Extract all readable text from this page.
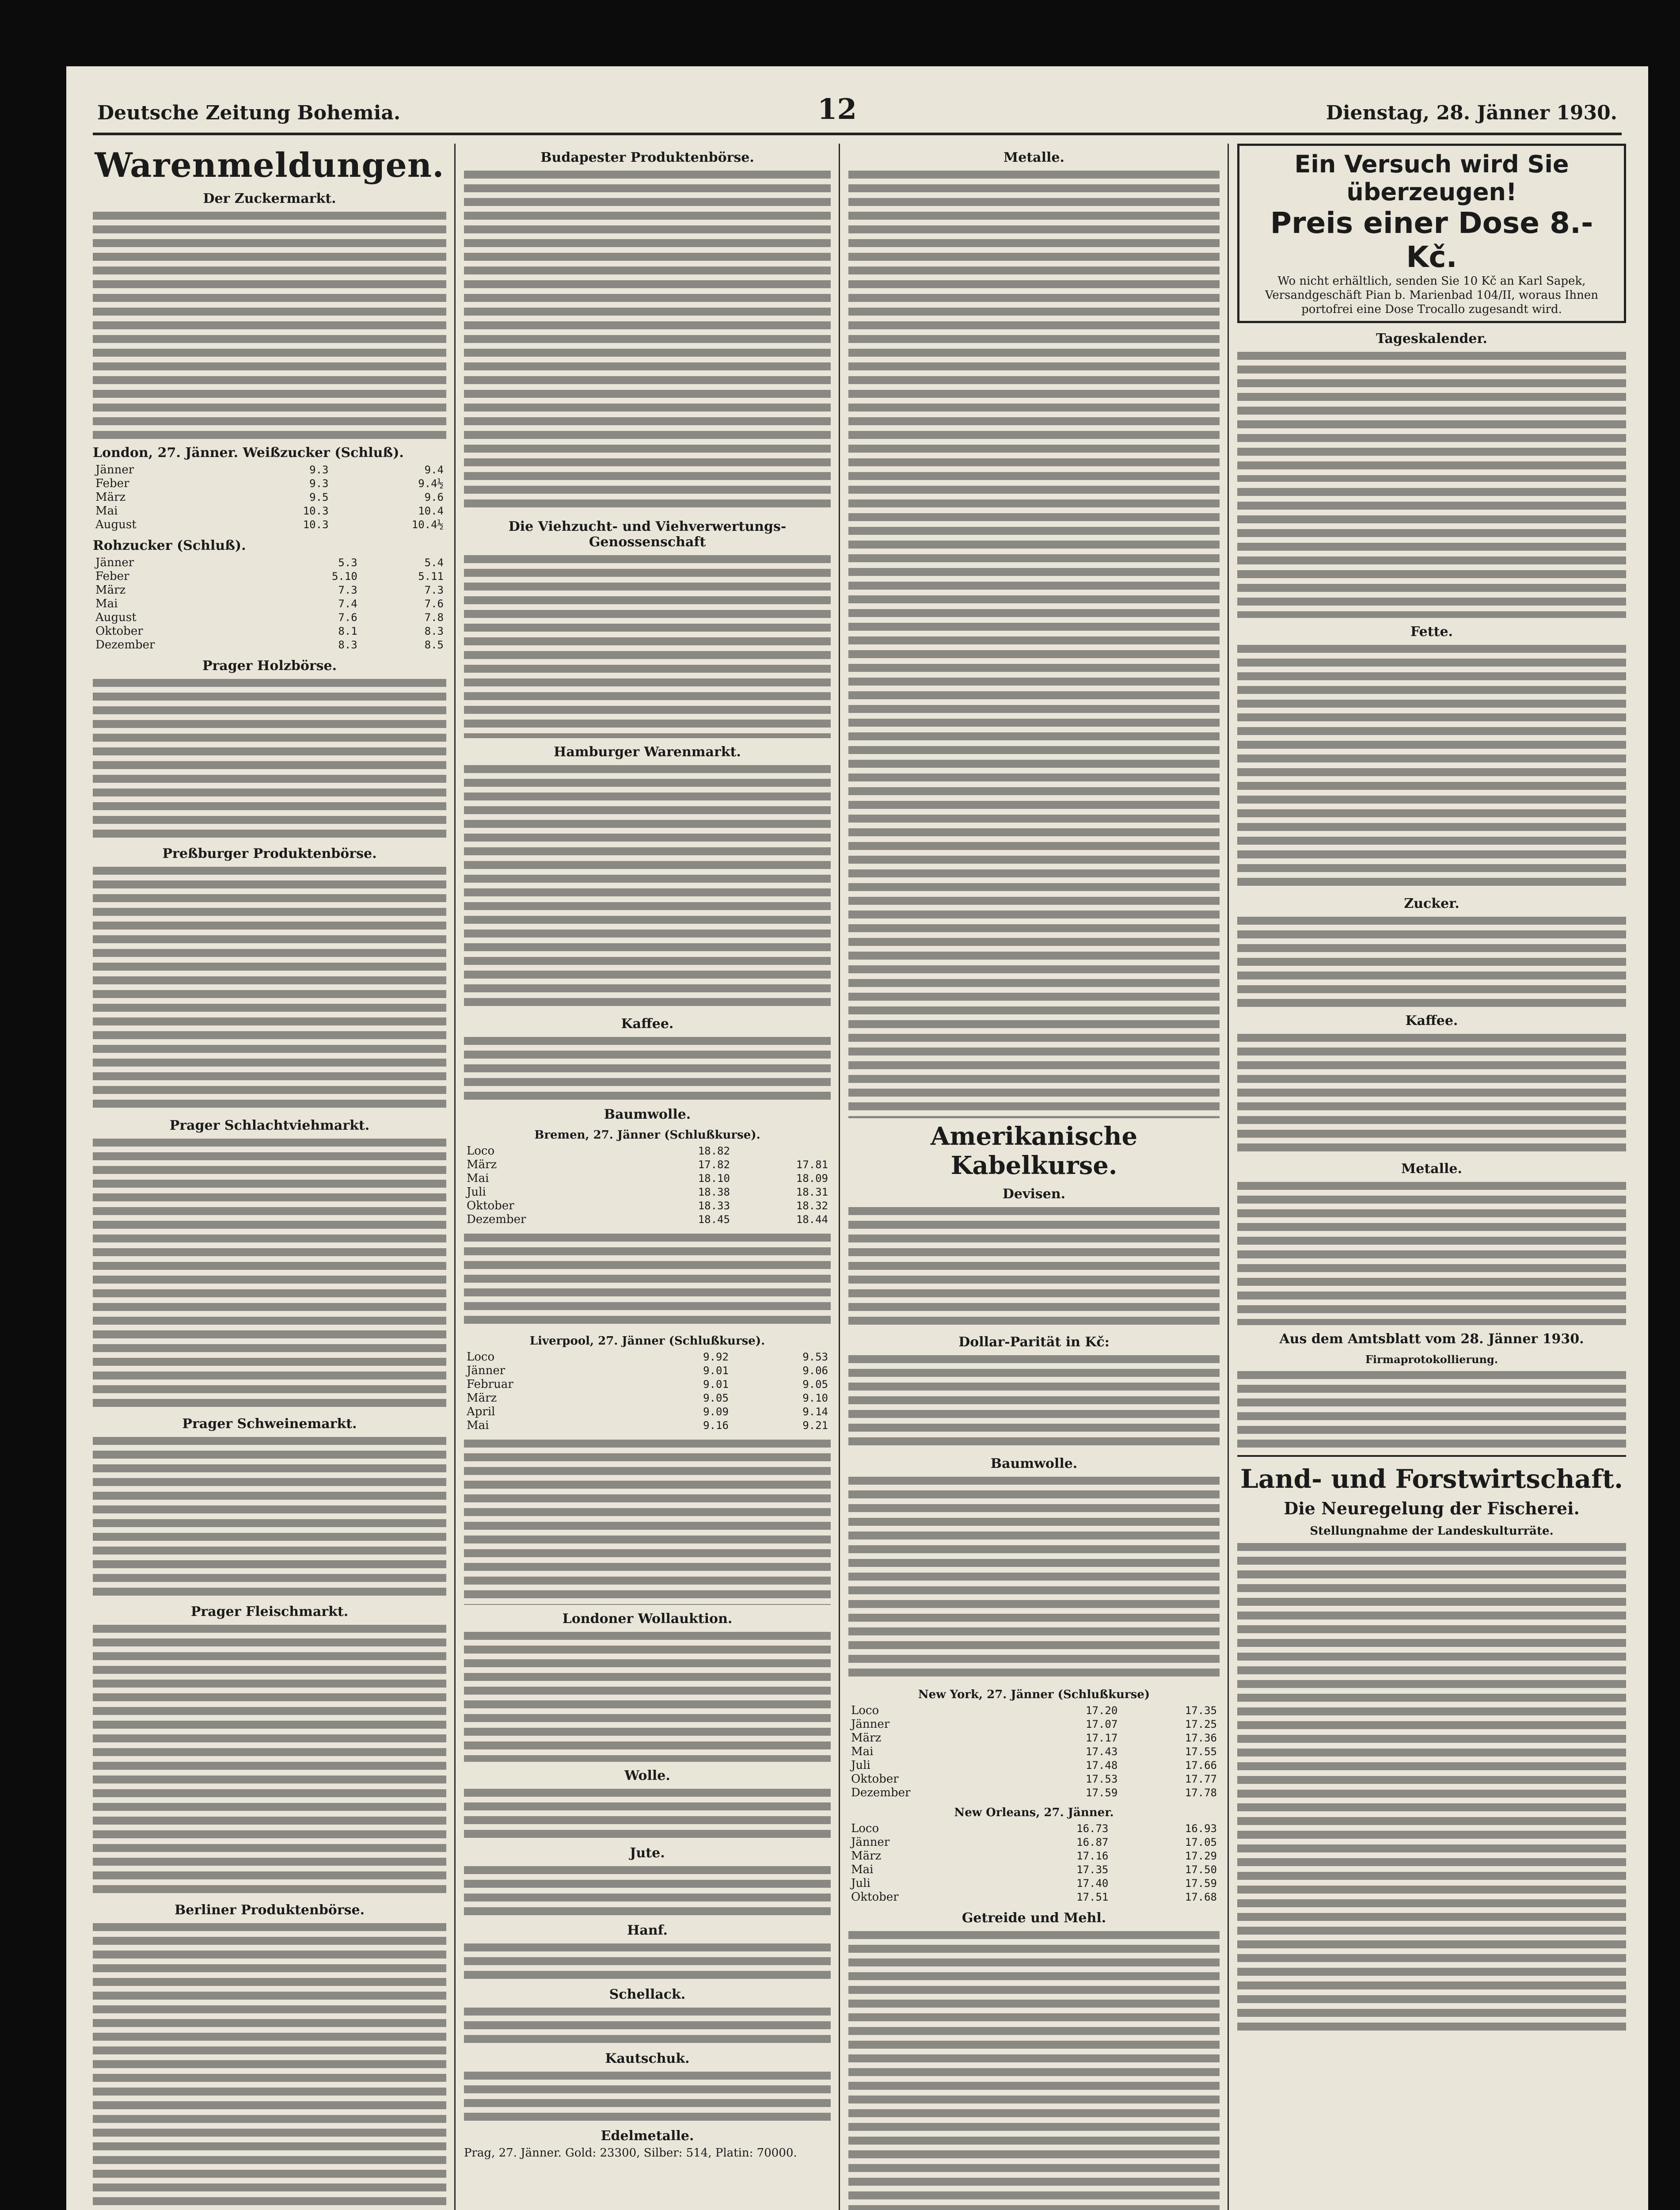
Deutsche Zeitung Bohemia.	12	Dienstag, 28. Jänner 1930.
Warenmeldungen.
Der Zuckermarkt.

London, 27. Jänner. Weißzucker (Schluß).
Jänner	9.3	9.4
Feber	9.3	9.4½
März	9.5	9.6
Mai	10.3	10.4
August	10.3	10.4½
Rohzucker (Schluß).
Jänner	5.3	5.4
Feber	5.10	5.11
März	7.3	7.3
Mai	7.4	7.6
August	7.6	7.8
Oktober	8.1	8.3
Dezember	8.3	8.5
Prager Holzbörse.

Preßburger Produktenbörse.

Prager Schlachtviehmarkt.

Prager Schweinemarkt.

Prager Fleischmarkt.

Berliner Produktenbörse.

Budapester Produktenbörse.

Die Viehzucht- und Viehverwertungs-Genossenschaft

Hamburger Warenmarkt.

Kaffee.

Baumwolle.
Bremen, 27. Jänner (Schlußkurse).
Loco	18.82	
März	17.82	17.81
Mai	18.10	18.09
Juli	18.38	18.31
Oktober	18.33	18.32
Dezember	18.45	18.44

Liverpool, 27. Jänner (Schlußkurse).
Loco	9.92	9.53
Jänner	9.01	9.06
Februar	9.01	9.05
März	9.05	9.10
April	9.09	9.14
Mai	9.16	9.21

Londoner Wollauktion.

Wolle.

Jute.

Hanf.

Schellack.

Kautschuk.

Edelmetalle.
Prag, 27. Jänner. Gold: 23300, Silber: 514, Platin: 70000.
Metalle.

Amerikanische Kabelkurse.
Devisen.

Dollar-Parität in Kč:

Baumwolle.

New York, 27. Jänner (Schlußkurse)
Loco	17.20	17.35
Jänner	17.07	17.25
März	17.17	17.36
Mai	17.43	17.55
Juli	17.48	17.66
Oktober	17.53	17.77
Dezember	17.59	17.78
New Orleans, 27. Jänner.
Loco	16.73	16.93
Jänner	16.87	17.05
März	17.16	17.29
Mai	17.35	17.50
Juli	17.40	17.59
Oktober	17.51	17.68
Getreide und Mehl.

Ein Versuch wird Sie überzeugen!
Preis einer Dose 8.- Kč.
Wo nicht erhältlich, senden Sie 10 Kč an Karl Sapek, Versandgeschäft Pian b. Marienbad 104/II, woraus Ihnen portofrei eine Dose Trocallo zugesandt wird.
Tageskalender.

Fette.

Zucker.

Kaffee.

Metalle.

Aus dem Amtsblatt vom 28. Jänner 1930.
Firmaprotokollierung.

Land- und Forstwirtschaft.
Die Neuregelung der Fischerei.
Stellungnahme der Landeskulturräte.
